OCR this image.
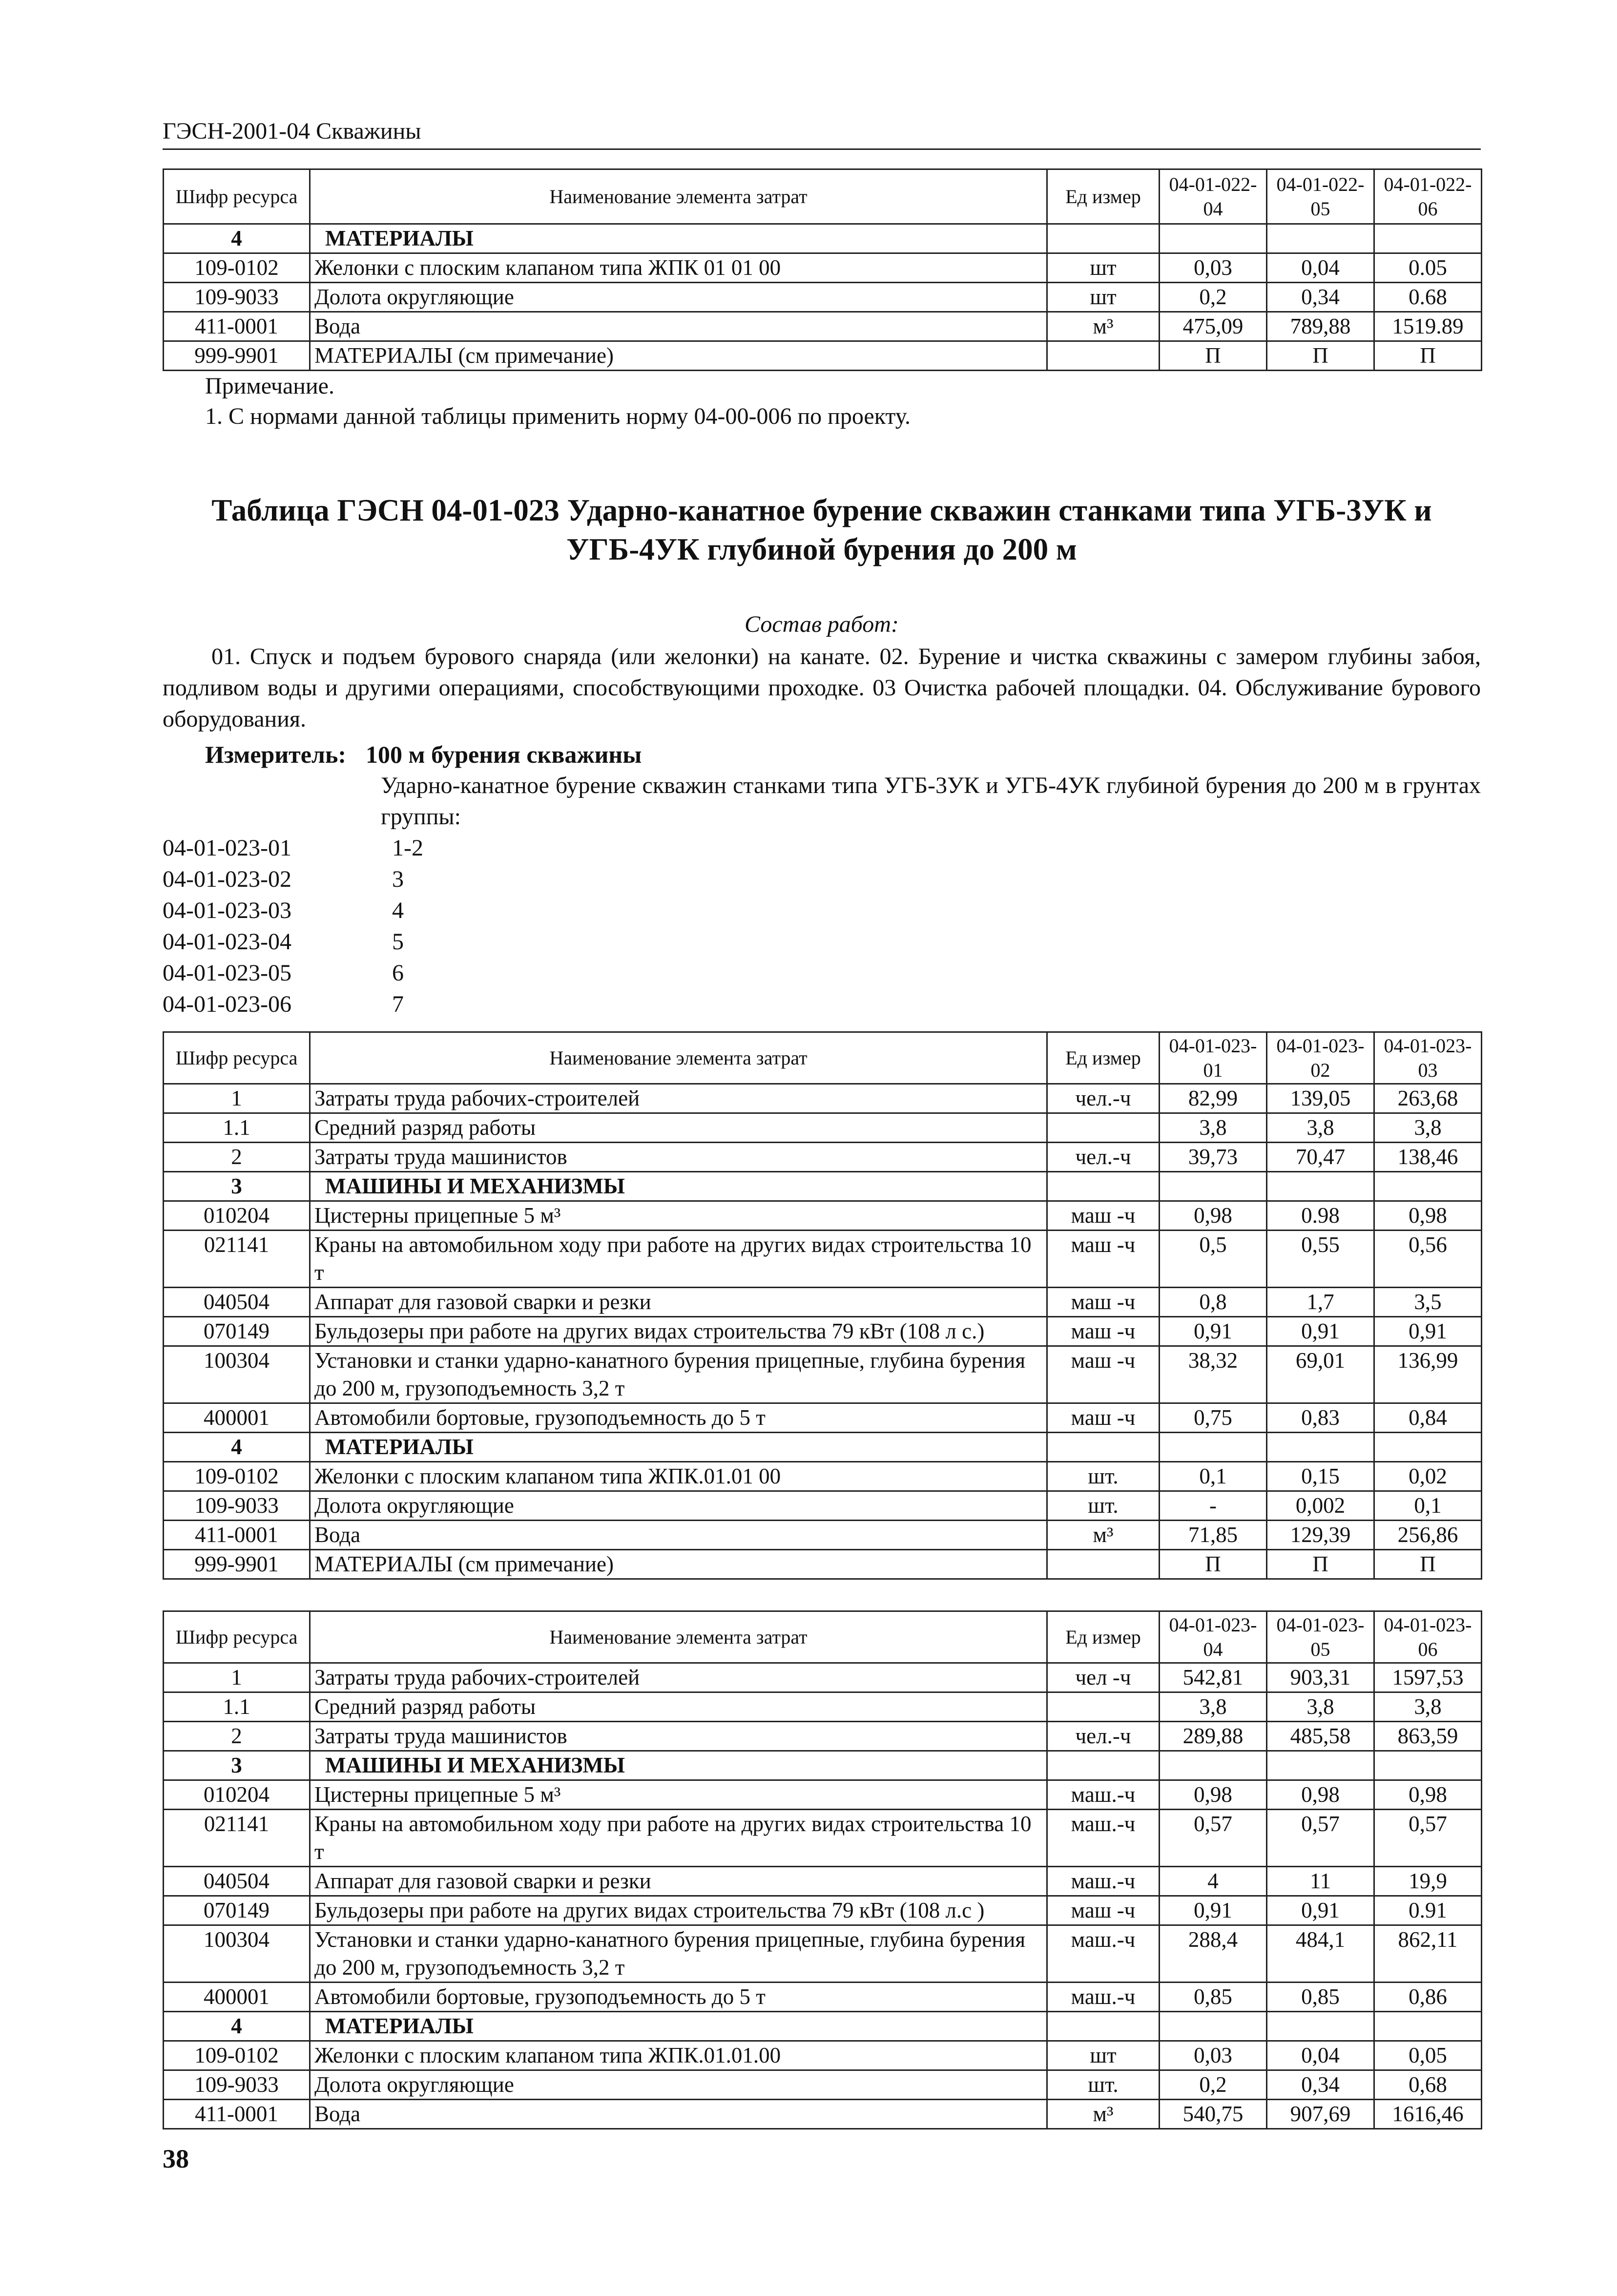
ГЭСН-2001-04 Скважины
Шифр ресурса	Наименование элемента затрат	Ед измер	04-01-022-04	04-01-022-05	04-01-022-06
4	МАТЕРИАЛЫ				
109-0102	Желонки с плоским клапаном типа ЖПК 01 01 00	шт	0,03	0,04	0.05
109-9033	Долота округляющие	шт	0,2	0,34	0.68
411-0001	Вода	м³	475,09	789,88	1519.89
999-9901	МАТЕРИАЛЫ (см примечание)		П	П	П
Примечание.
1. С нормами данной таблицы применить норму 04-00-006 по проекту.
Таблица ГЭСН 04-01-023 Ударно-канатное бурение скважин станками типа УГБ-3УК и УГБ-4УК глубиной бурения до 200 м
Состав работ:
01. Спуск и подъем бурового снаряда (или желонки) на канате. 02. Бурение и чистка скважины с замером глубины забоя, подливом воды и другими операциями, способствующими проходке. 03 Очистка рабочей площадки. 04. Обслуживание бурового оборудования.
Измеритель: 100 м бурения скважины
Ударно-канатное бурение скважин станками типа УГБ-3УК и УГБ-4УК глубиной бурения до 200 м в грунтах группы:
04-01-023-01	1-2
04-01-023-02	3
04-01-023-03	4
04-01-023-04	5
04-01-023-05	6
04-01-023-06	7
Шифр ресурса	Наименование элемента затрат	Ед измер	04-01-023-01	04-01-023-02	04-01-023-03
1	Затраты труда рабочих-строителей	чел.-ч	82,99	139,05	263,68
1.1	Средний разряд работы		3,8	3,8	3,8
2	Затраты труда машинистов	чел.-ч	39,73	70,47	138,46
3	МАШИНЫ И МЕХАНИЗМЫ				
010204	Цистерны прицепные 5 м³	маш -ч	0,98	0.98	0,98
021141	Краны на автомобильном ходу при работе на других видах строительства 10 т	маш -ч	0,5	0,55	0,56
040504	Аппарат для газовой сварки и резки	маш -ч	0,8	1,7	3,5
070149	Бульдозеры при работе на других видах строительства 79 кВт (108 л с.)	маш -ч	0,91	0,91	0,91
100304	Установки и станки ударно-канатного бурения прицепные, глубина бурения до 200 м, грузоподъемность 3,2 т	маш -ч	38,32	69,01	136,99
400001	Автомобили бортовые, грузоподъемность до 5 т	маш -ч	0,75	0,83	0,84
4	МАТЕРИАЛЫ				
109-0102	Желонки с плоским клапаном типа ЖПК.01.01 00	шт.	0,1	0,15	0,02
109-9033	Долота округляющие	шт.	-	0,002	0,1
411-0001	Вода	м³	71,85	129,39	256,86
999-9901	МАТЕРИАЛЫ (см примечание)		П	П	П
Шифр ресурса	Наименование элемента затрат	Ед измер	04-01-023-04	04-01-023-05	04-01-023-06
1	Затраты труда рабочих-строителей	чел -ч	542,81	903,31	1597,53
1.1	Средний разряд работы		3,8	3,8	3,8
2	Затраты труда машинистов	чел.-ч	289,88	485,58	863,59
3	МАШИНЫ И МЕХАНИЗМЫ				
010204	Цистерны прицепные 5 м³	маш.-ч	0,98	0,98	0,98
021141	Краны на автомобильном ходу при работе на других видах строительства 10 т	маш.-ч	0,57	0,57	0,57
040504	Аппарат для газовой сварки и резки	маш.-ч	4	11	19,9
070149	Бульдозеры при работе на других видах строительства 79 кВт (108 л.с )	маш -ч	0,91	0,91	0.91
100304	Установки и станки ударно-канатного бурения прицепные, глубина бурения до 200 м, грузоподъемность 3,2 т	маш.-ч	288,4	484,1	862,11
400001	Автомобили бортовые, грузоподъемность до 5 т	маш.-ч	0,85	0,85	0,86
4	МАТЕРИАЛЫ				
109-0102	Желонки с плоским клапаном типа ЖПК.01.01.00	шт	0,03	0,04	0,05
109-9033	Долота округляющие	шт.	0,2	0,34	0,68
411-0001	Вода	м³	540,75	907,69	1616,46
38
